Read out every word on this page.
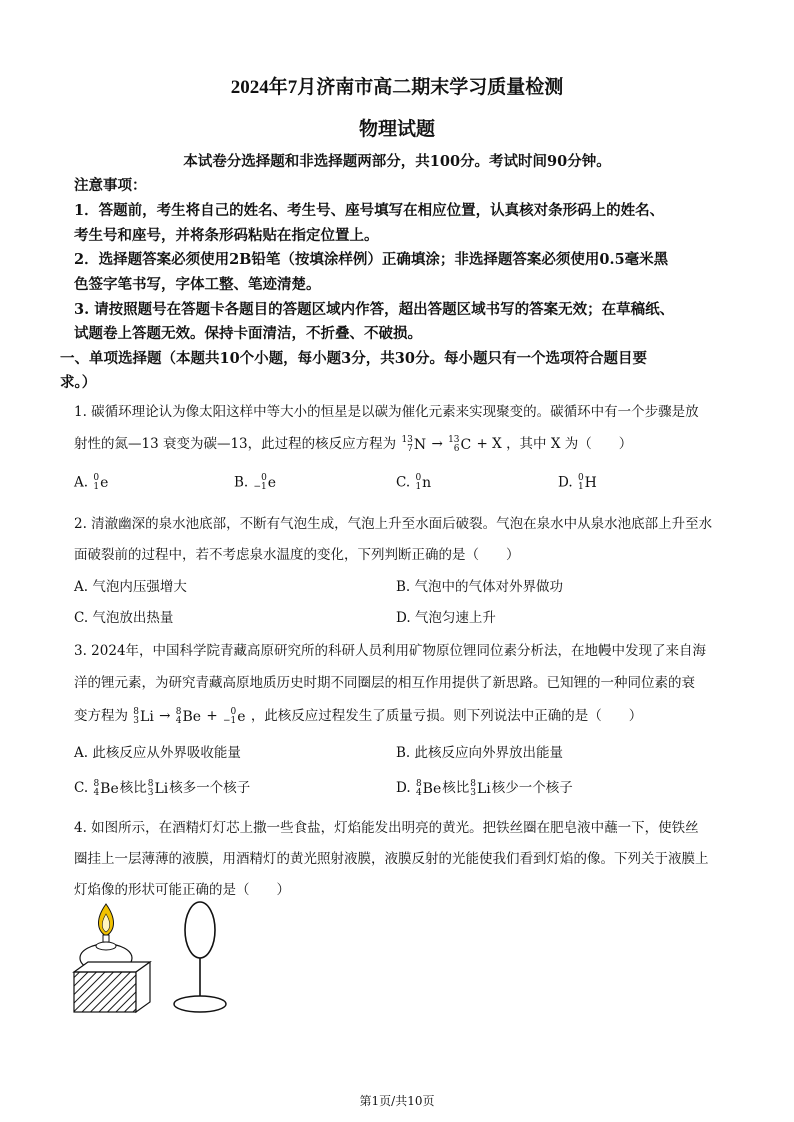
2024年7月济南市高二期末学习质量检测
物理试题
本试卷分选择题和非选择题两部分，共100分。考试时间90分钟。
注意事项：
1．答题前，考生将自己的姓名、考生号、座号填写在相应位置，认真核对条形码上的姓名、
考生号和座号，并将条形码粘贴在指定位置上。
2．选择题答案必须使用2B铅笔（按填涂样例）正确填涂；非选择题答案必须使用0.5毫米黑
色签字笔书写，字体工整、笔迹清楚。
3. 请按照题号在答题卡各题目的答题区域内作答，超出答题区域书写的答案无效；在草稿纸、
试题卷上答题无效。保持卡面清洁，不折叠、不破损。
一、单项选择题（本题共10个小题，每小题3分，共30分。每小题只有一个选项符合题目要
求。）
1. 碳循环理论认为像太阳这样中等大小的恒星是以碳为催化元素来实现聚变的。碳循环中有一个步骤是放
射性的氮—13 衰变为碳—13，此过程的核反应方程为 13
7 N → 13
6 C + X ，其中 X 为（　　）
A. 0
1 e	B.	0
−1 e	C. 0
1 n	D. 0
1 H
2. 清澈幽深的泉水池底部，不断有气泡生成，气泡上升至水面后破裂。气泡在泉水中从泉水池底部上升至水
面破裂前的过程中，若不考虑泉水温度的变化，下列判断正确的是（　　）
A. 气泡内压强增大	B. 气泡中的气体对外界做功
C. 气泡放出热量	D. 气泡匀速上升
3. 2024年，中国科学院青藏高原研究所的科研人员利用矿物原位锂同位素分析法，在地幔中发现了来自海
洋的锂元素，为研究青藏高原地质历史时期不同圈层的相互作用提供了新思路。已知锂的一种同位素的衰
变方程为 8
3 Li → 8
4 Be +	0
−1 e ，此核反应过程发生了质量亏损。则下列说法中正确的是（　　）
A. 此核反应从外界吸收能量	B. 此核反应向外界放出能量
C. 8
4 Be 核比 8
3 Li 核多一个核子	D. 8
4 Be 核比 8
3 Li 核少一个核子
4. 如图所示，在酒精灯灯芯上撒一些食盐，灯焰能发出明亮的黄光。把铁丝圈在肥皂液中蘸一下，使铁丝
圈挂上一层薄薄的液膜，用酒精灯的黄光照射液膜，液膜反射的光能使我们看到灯焰的像。下列关于液膜上
灯焰像的形状可能正确的是（　　）
第1页/共10页
